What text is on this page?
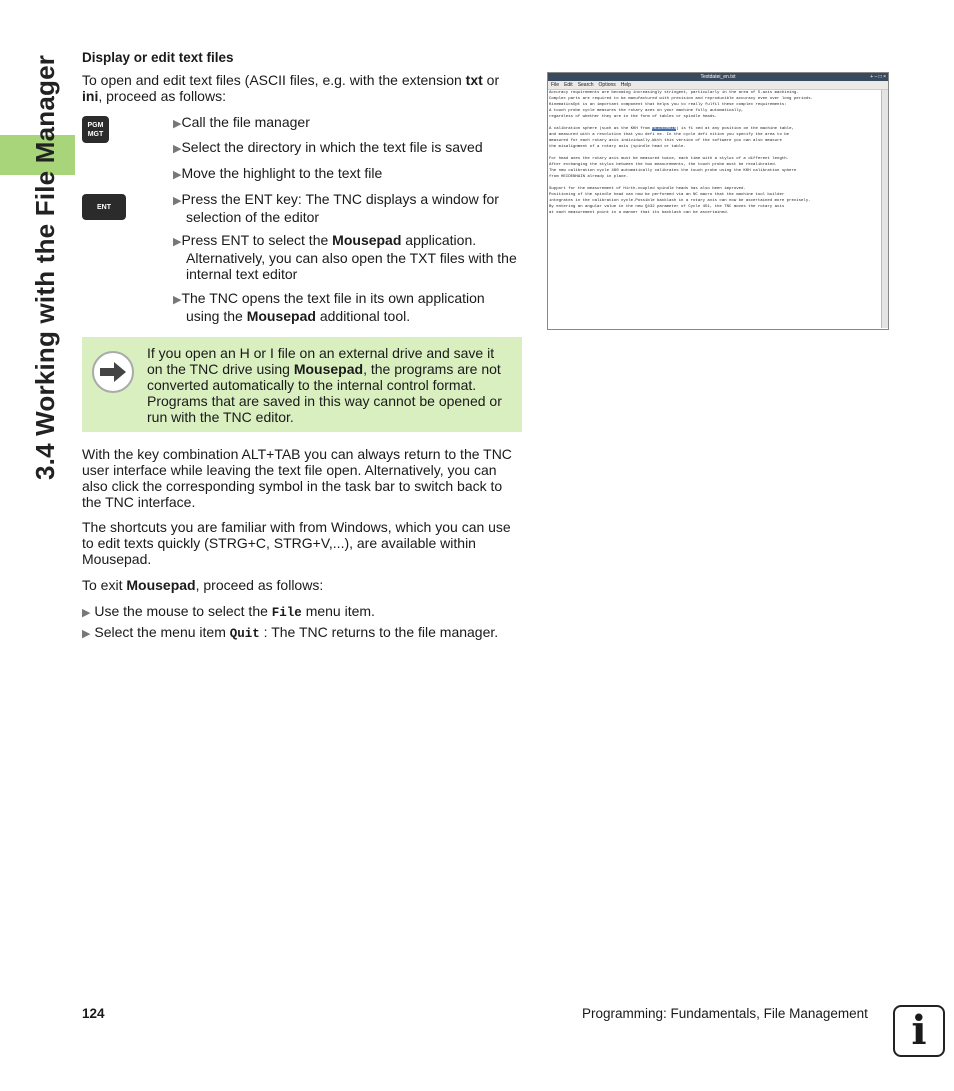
3.4 Working with the File Manager Display or edit text files
To open and edit text files (ASCII files, e.g. with the extension txt or
ini, proceed as follows:
PGM
MGT
ENT
▶Call the file manager
▶Select the directory in which the text file is saved
▶Move the highlight to the text file
▶Press the ENT key: The TNC displays a window for
selection of the editor
▶Press ENT to select the Mousepad application.
Alternatively, you can also open the TXT files with the
internal text editor
▶The TNC opens the text file in its own application
using the Mousepad additional tool.
If you open an H or I file on an external drive and save it
on the TNC drive using Mousepad, the programs are not
converted automatically to the internal control format.
Programs that are saved in this way cannot be opened or
run with the TNC editor.
With the key combination ALT+TAB you can always return to the TNC
user interface while leaving the text file open. Alternatively, you can
also click the corresponding symbol in the task bar to switch back to
the TNC interface.
The shortcuts you are familiar with from Windows, which you can use
to edit texts quickly (STRG+C, STRG+V,...), are available within
Mousepad.
To exit Mousepad, proceed as follows:
▶ Use the mouse to select the File menu item.
▶ Select the menu item Quit : The TNC returns to the file manager.
Textdatei_en.txt	+ – □ ×
File Edit Search Options Help
Accuracy requirements are becoming increasingly stringent, particularly in the area of 5-axis machining.
Complex parts are required to be manufactured with precision and reproducible accuracy even over long periods.
KinematicsOpt is an important component that helps you to really fulfil these complex requirements:
A touch probe cycle measures the rotary axes on your machine fully automatically,
regardless of whether they are in the form of tables or spindle heads.

A calibration sphere (such as the KKH from HEIDENHAIN) is fi xed at any position on the machine table,
and measured with a resolution that you defi ne. In the cycle defi nition you specify the area to be
measured for each rotary axis individually.With this version of the software you can also measure
the misalignment of a rotary axis (spindle head or table.

For head axes the rotary axis must be measured twice, each time with a stylus of a different length.
After exchanging the stylus between the two measurements, the touch probe must be recalibrated.
The new calibration cycle 460 automatically calibrates the touch probe using the KKH calibration sphere
from HEIDENHAIN already in place.

Support for the measurement of Hirth-coupled spindle heads has also been improved.
Positioning of the spindle head can now be performed via an NC macro that the machine tool builder
integrates in the calibration cycle.Possible backlash in a rotary axis can now be ascertained more precisely.
By entering an angular value in the new Q432 parameter of Cycle 451, the TNC moves the rotary axis
at each measurement point in a manner that its backlash can be ascertained.
124	Programming: Fundamentals, File Management	i
